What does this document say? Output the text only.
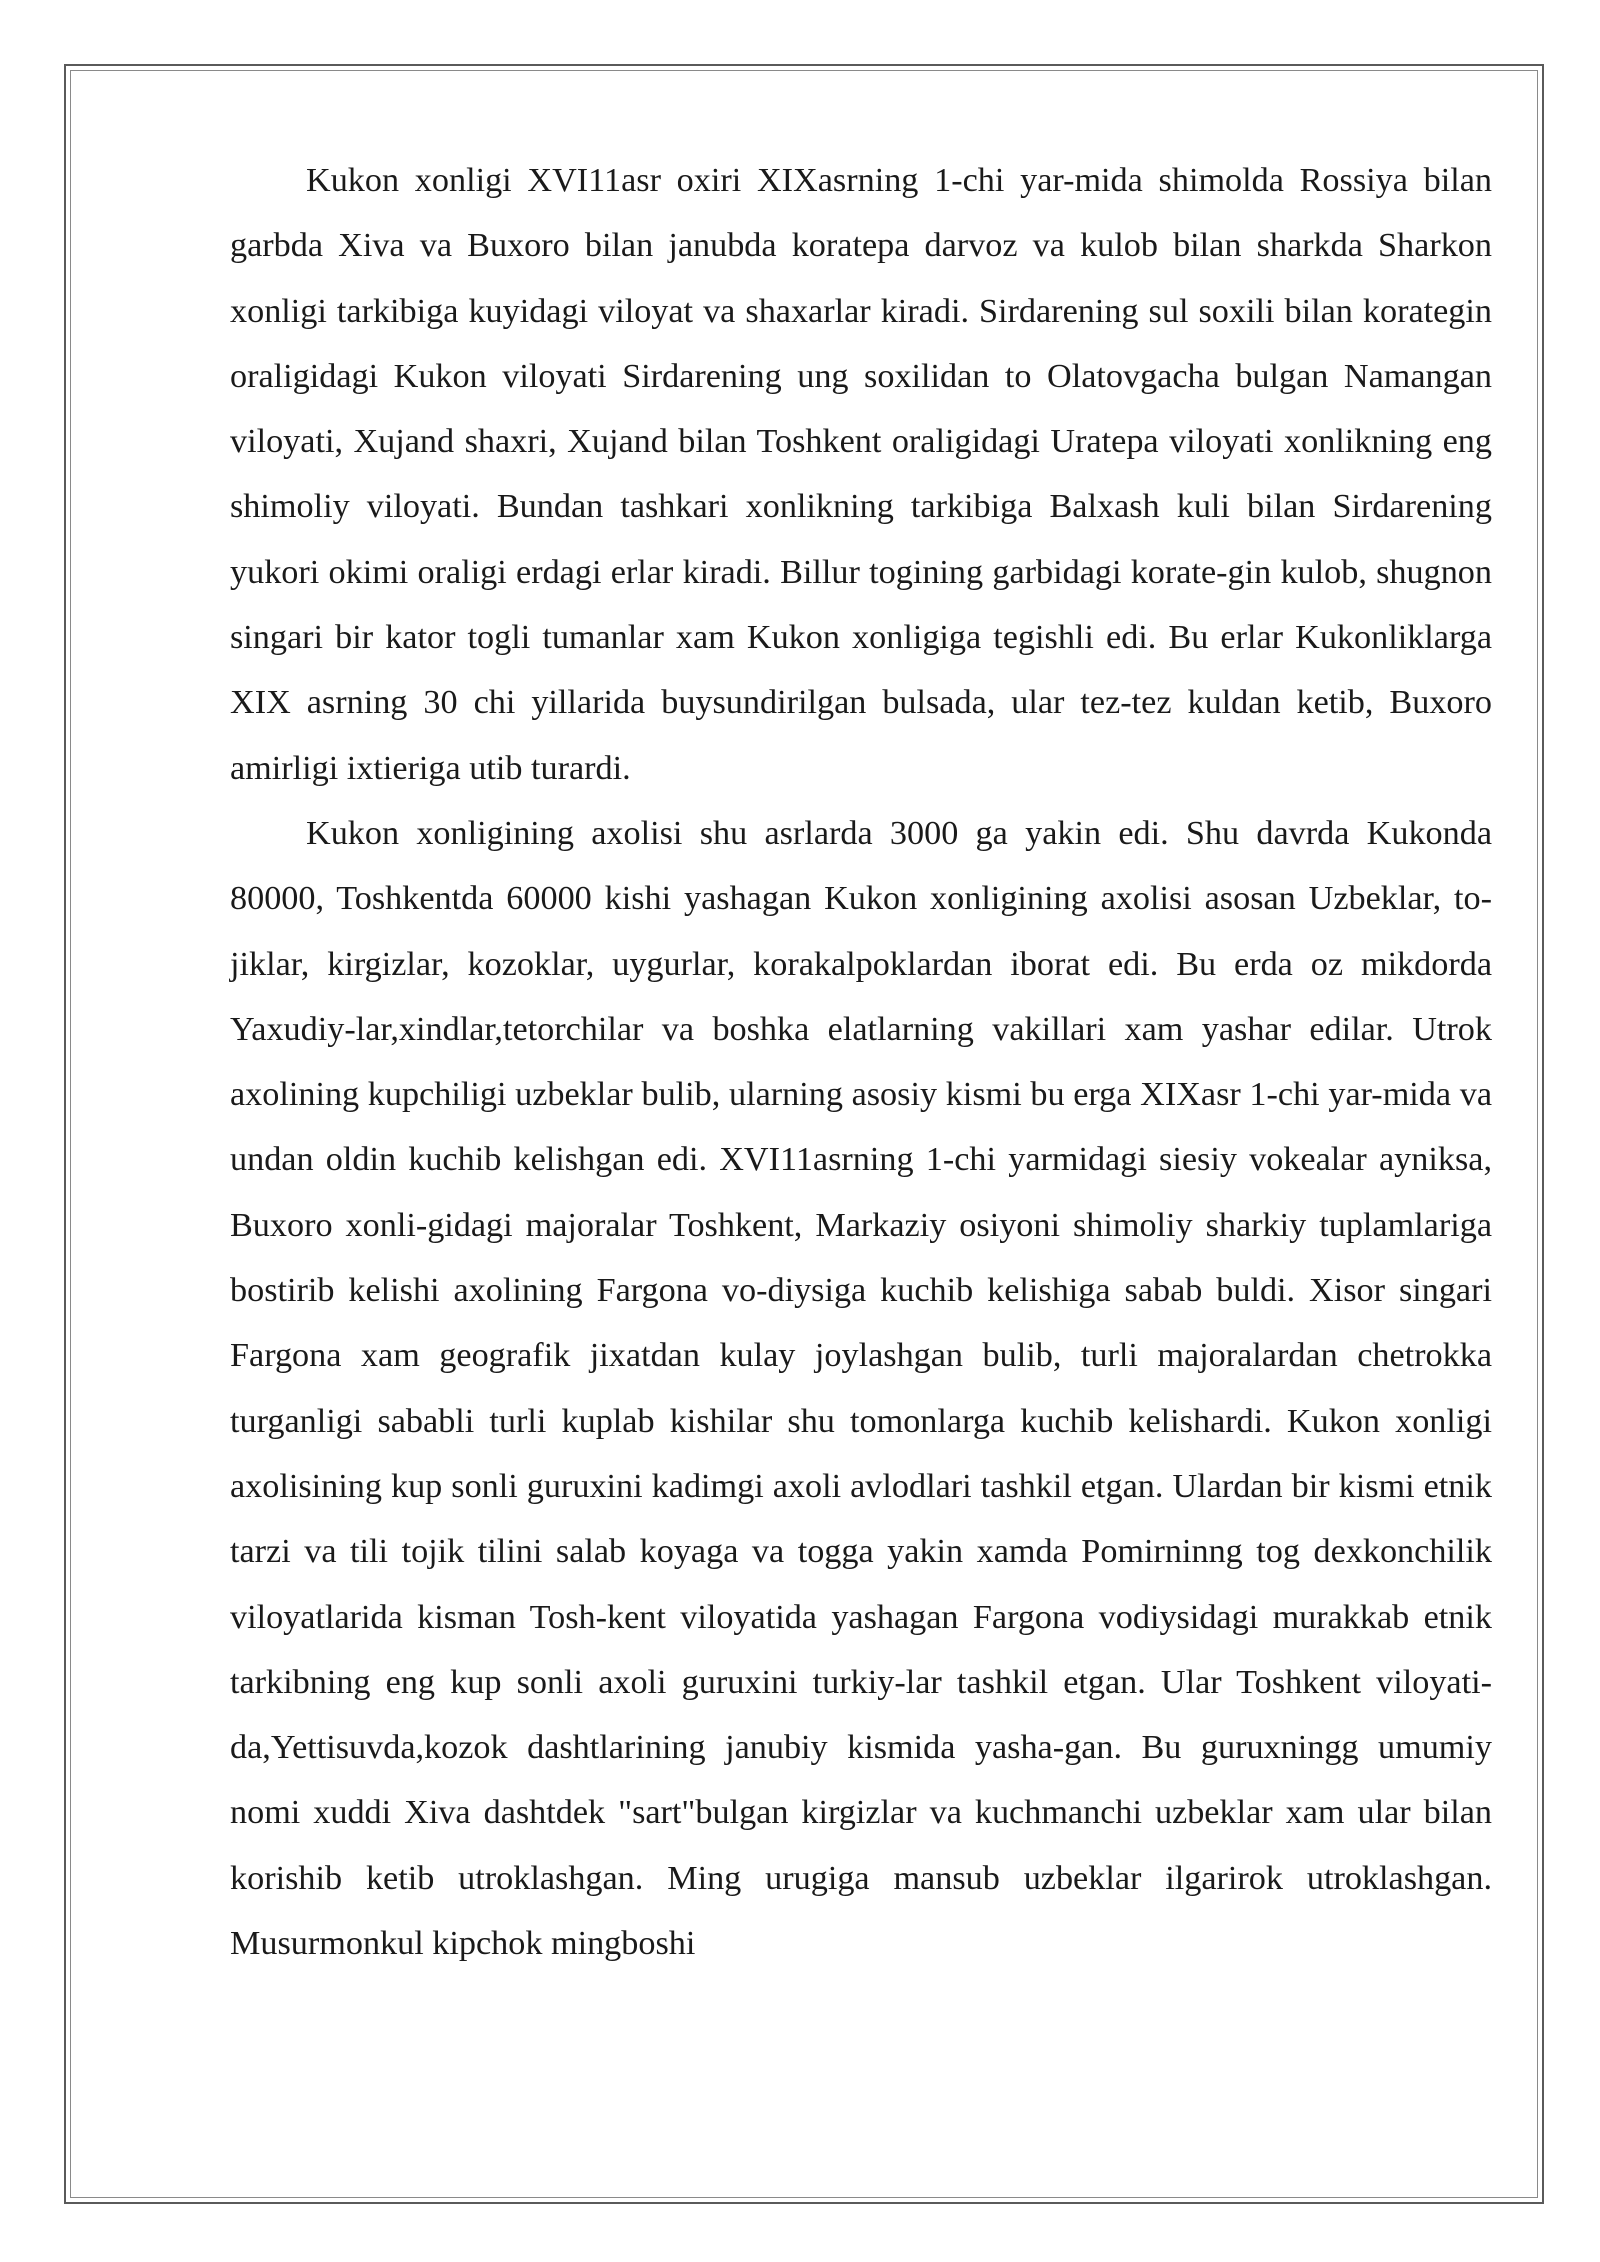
Kukon xonligi XVI11asr oxiri XIXasrning 1-chi yar-mida shimolda Rossiya bilan garbda Xiva va Buxoro bilan janubda koratepa darvoz va kulob bilan sharkda Sharkon xonligi tarkibiga kuyidagi viloyat va shaxarlar kiradi. Sirdarening sul soxili bilan korategin oraligidagi Kukon viloyati Sirdarening ung soxilidan to Olatovgacha bulgan Namangan viloyati, Xujand shaxri, Xujand bilan Toshkent oraligidagi Uratepa viloyati xonlikning eng shimoliy viloyati. Bundan tashkari xonlikning tarkibiga Balxash kuli bilan Sirdarening yukori okimi oraligi erdagi erlar kiradi. Billur togining garbidagi korate-gin kulob, shugnon singari bir kator togli tumanlar xam Kukon xonligiga tegishli edi. Bu erlar Kukonliklarga XIX asrning 30 chi yillarida buysundirilgan bulsada, ular tez-tez kuldan ketib, Buxoro amirligi ixtieriga utib turardi.

Kukon xonligining axolisi shu asrlarda 3000 ga yakin edi. Shu davrda Kukonda 80000, Toshkentda 60000 kishi yashagan Kukon xonligining axolisi asosan Uzbeklar, to-jiklar, kirgizlar, kozoklar, uygurlar, korakalpoklardan iborat edi. Bu erda oz mikdorda Yaxudiy-lar,xindlar,tetorchilar va boshka elatlarning vakillari xam yashar edilar. Utrok axolining kupchiligi uzbeklar bulib, ularning asosiy kismi bu erga XIXasr 1-chi yar-mida va undan oldin kuchib kelishgan edi. XVI11asrning 1-chi yarmidagi siesiy vokealar ayniksa, Buxoro xonli-gidagi majoralar Toshkent, Markaziy osiyoni shimoliy sharkiy tuplamlariga bostirib kelishi axolining Fargona vo-diysiga kuchib kelishiga sabab buldi. Xisor singari Fargona xam geografik jixatdan kulay joylashgan bulib, turli majoralardan chetrokka turganligi sababli turli kuplab kishilar shu tomonlarga kuchib kelishardi. Kukon xonligi axolisining kup sonli guruxini kadimgi axoli avlodlari tashkil etgan. Ulardan bir kismi etnik tarzi va tili tojik tilini salab koyaga va togga yakin xamda Pomirninng tog dexkonchilik viloyatlarida kisman Tosh-kent viloyatida yashagan Fargona vodiysidagi murakkab etnik tarkibning eng kup sonli axoli guruxini turkiy-lar tashkil etgan. Ular Toshkent viloyati-da,Yettisuvda,kozok dashtlarining janubiy kismida yasha-gan. Bu guruxningg umumiy nomi xuddi Xiva dashtdek "sart"bulgan kirgizlar va kuchmanchi uzbeklar xam ular bilan korishib ketib utroklashgan. Ming urugiga mansub uzbeklar ilgarirok utroklashgan. Musurmonkul kipchok mingboshi
